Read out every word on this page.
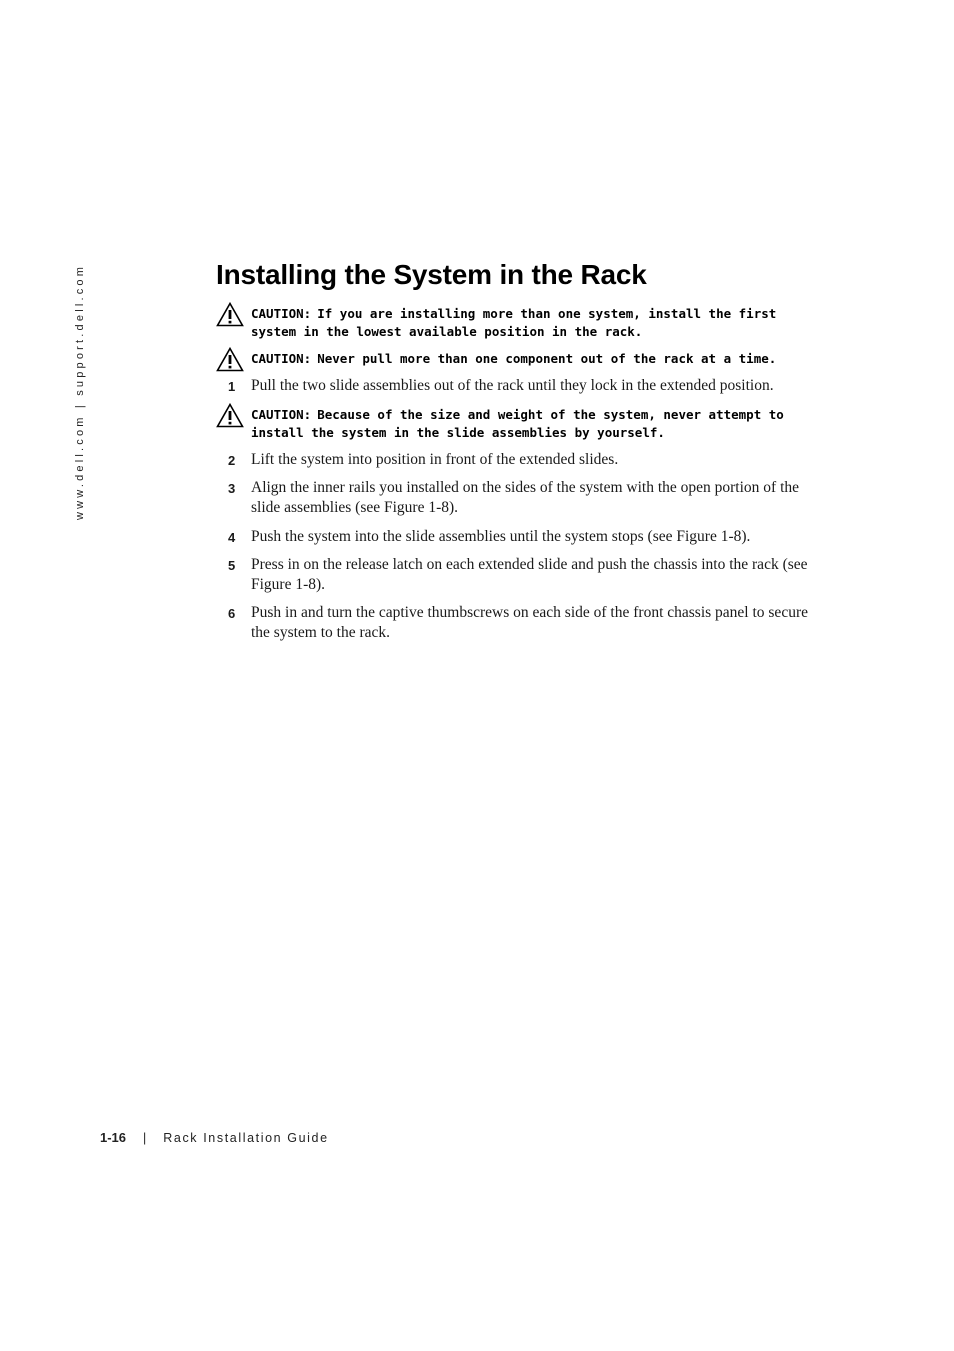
www.dell.com | support.dell.com	Installing the System in the Rack
CAUTION: If you are installing more than one system, install the first system in the lowest available position in the rack.
CAUTION: Never pull more than one component out of the rack at a time.
1 Pull the two slide assemblies out of the rack until they lock in the extended position.
CAUTION: Because of the size and weight of the system, never attempt to install the system in the slide assemblies by yourself.
2 Lift the system into position in front of the extended slides.
3 Align the inner rails you installed on the sides of the system with the open portion of the slide assemblies (see Figure 1-8).
4 Push the system into the slide assemblies until the system stops (see Figure 1-8).
5 Press in on the release latch on each extended slide and push the chassis into the rack (see Figure 1-8).
6 Push in and turn the captive thumbscrews on each side of the front chassis panel to secure the system to the rack.
1-16 | Rack Installation Guide
